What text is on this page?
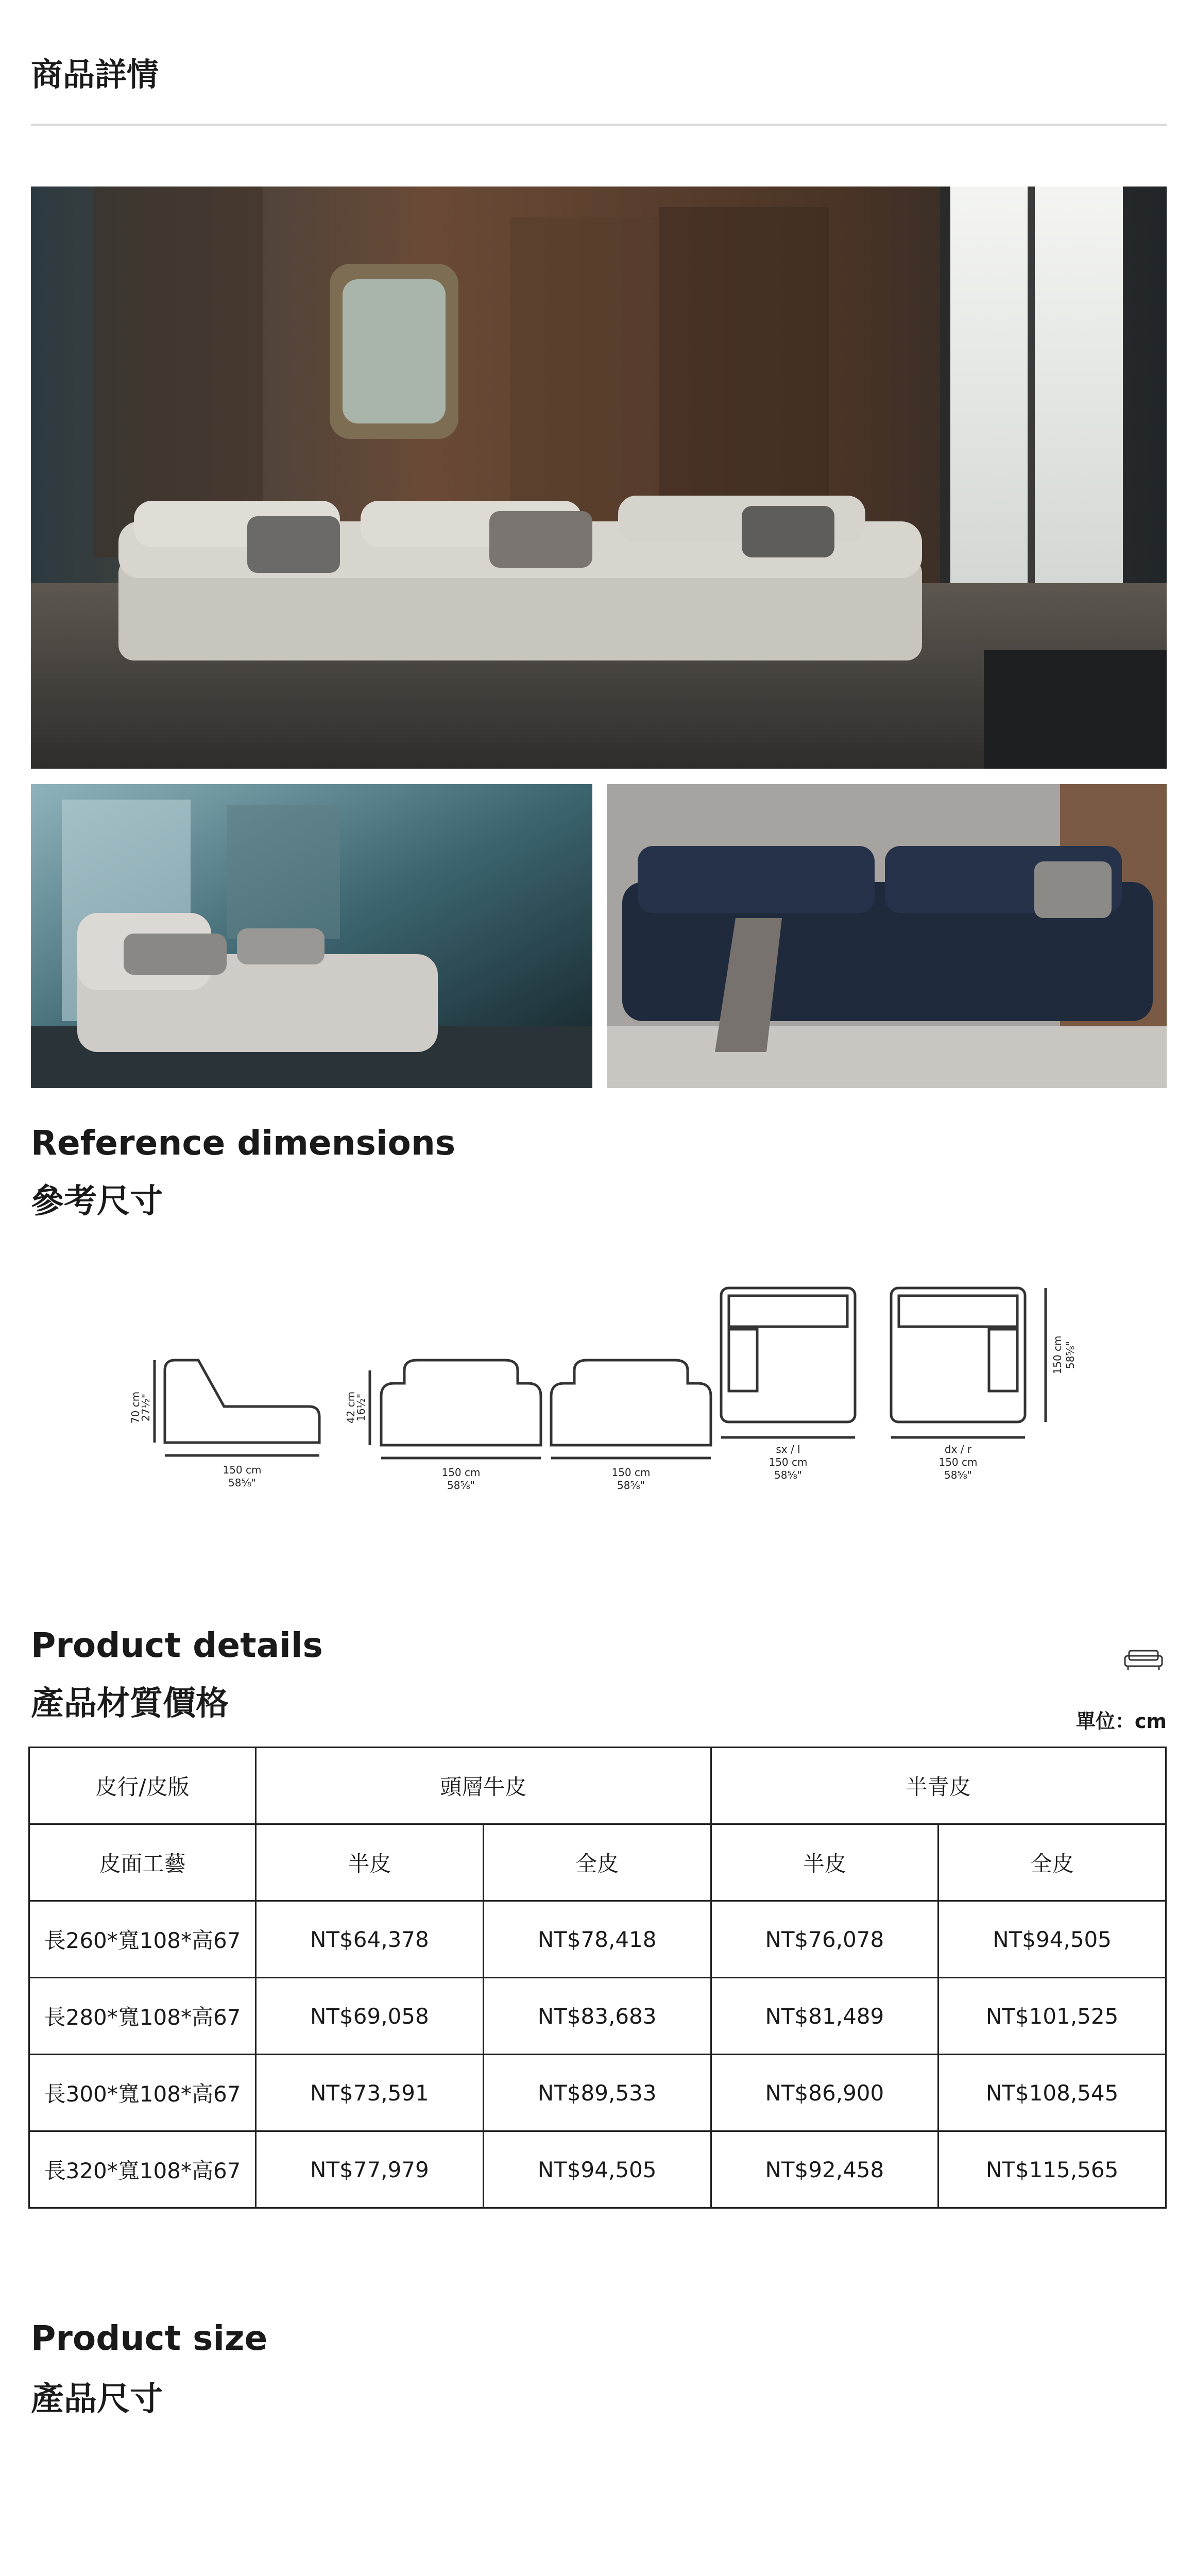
商品詳情
Reference dimensions
參考尺寸
70 cm
27½"	42 cm
16½"
150 cm
58⅝"
150 cm
58⅝"
150 cm
58⅝"
sx / l
150 cm
58⅝"
dx / r
150 cm
58⅝"
150 cm 58⅝"
Product details
產品材質價格	單位：cm
皮行/皮版	頭層牛皮		半青皮	
皮面工藝	半皮	全皮	半皮	全皮
長260*寬108*高67	NT$64,378	NT$78,418	NT$76,078	NT$94,505
長280*寬108*高67	NT$69,058	NT$83,683	NT$81,489	NT$101,525
長300*寬108*高67	NT$73,591	NT$89,533	NT$86,900	NT$108,545
長320*寬108*高67	NT$77,979	NT$94,505	NT$92,458	NT$115,565
Product size
產品尺寸
